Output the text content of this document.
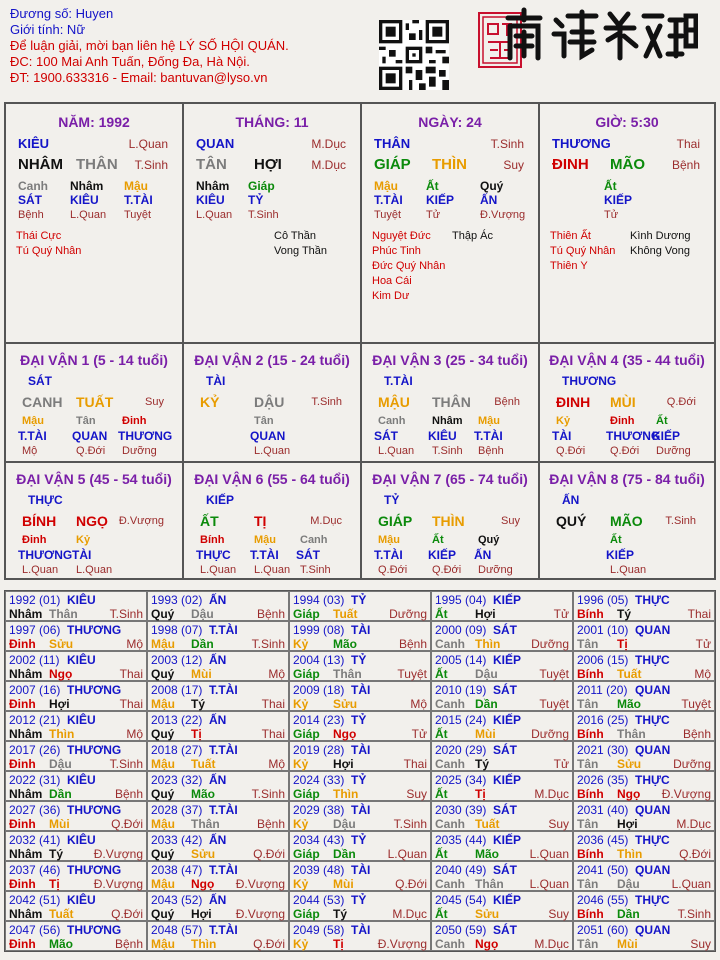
Đương số: Huyen
Giới tính: Nữ
Để luận giải, mời bạn liên hệ LÝ SỐ HỘI QUÁN.
ĐC: 100 Mai Anh Tuấn, Đống Đa, Hà Nội.
ĐT: 1900.633316 - Email: bantuvan@lyso.vn
NĂM: 1992
KIÊU	L.Quan
NHÂM THÂN T.Sinh
Canh
SÁT
Bệnh
Nhâm
KIÊU
L.Quan
Mậu
T.TÀI
Tuyệt
Thái Cực
Tú Quý Nhân
THÁNG: 11
QUAN	M.Dục
TÂN HỢI M.Dục
Nhâm
KIÊU
L.Quan
Giáp
TỶ
T.Sinh
Cô Thần
Vong Thần
NGÀY: 24
THÂN	T.Sinh
GIÁP THÌN	Suy
Mậu
T.TÀI
Tuyệt
Ất
KIẾP
Tử
Quý
ẤN
Đ.Vượng
Nguyệt Đức
Phúc Tinh
Đức Quý Nhân
Hoa Cái
Kim Dư
Thập Ác
GIỜ: 5:30
THƯƠNG	Thai
ĐINH MÃO Bệnh
Ất
KIẾP
Tử
Thiên Ất
Tú Quý Nhân
Thiên Y
Kình Dương
Không Vong
ĐẠI VẬN 1 (5 - 14 tuổi)
SÁT
CANH TUẤT	Suy
Mậu
T.TÀI
Mộ
Tân
QUAN
Q.Đới
Đinh
THƯƠNG
Dưỡng
ĐẠI VẬN 2 (15 - 24 tuổi)
TÀI
KỶ DẬU T.Sinh
Tân
QUAN
L.Quan
ĐẠI VẬN 3 (25 - 34 tuổi)
T.TÀI
MẬU THÂN Bệnh
Canh
SÁT
L.Quan
Nhâm
KIÊU
T.Sinh
Mậu
T.TÀI
Bệnh
ĐẠI VẬN 4 (35 - 44 tuổi)
THƯƠNG
ĐINH MÙI	Q.Đới
Kỷ
TÀI
Q.Đới
Đinh
THƯƠNG
Q.Đới
Ất
KIẾP
Dưỡng
ĐẠI VẬN 5 (45 - 54 tuổi)
THỰC
BÍNH NGỌ Đ.Vượng
Đinh
THƯƠNG
L.Quan
Kỷ
TÀI
L.Quan
ĐẠI VẬN 6 (55 - 64 tuổi)
KIẾP
ẤT	TỊ	M.Dục
Bính
THỰC
L.Quan
Mậu
T.TÀI
L.Quan
Canh
SÁT
T.Sinh
ĐẠI VẬN 7 (65 - 74 tuổi)
TỶ
GIÁP THÌN	Suy
Mậu
T.TÀI
Q.Đới
Ất
KIẾP
Q.Đới
Quý
ẤN
Dưỡng
ĐẠI VẬN 8 (75 - 84 tuổi)
ẤN
QUÝ MÃO T.Sinh
Ất
KIẾP
L.Quan
1992 (01) KIÊU
Nhâm Thân	T.Sinh
1993 (02) ẤN
Quý Dậu	Bệnh
1994 (03) TỶ
Giáp Tuất	Dưỡng
1995 (04) KIẾP
Ất Hợi	Tử
1996 (05) THỰC
Bính Tý	Thai
1997 (06) THƯƠNG
Đinh Sửu	Mộ
1998 (07) T.TÀI
Mậu Dần	T.Sinh
1999 (08) TÀI
Kỷ Mão	Bệnh
2000 (09) SÁT
Canh Thìn	Dưỡng
2001 (10) QUAN
Tân Tị	Tử
2002 (11) KIÊU
Nhâm Ngọ	Thai
2003 (12) ẤN
Quý Mùi	Mộ
2004 (13) TỶ
Giáp Thân	Tuyệt
2005 (14) KIẾP
Ất Dậu	Tuyệt
2006 (15) THỰC
Bính Tuất	Mộ
2007 (16) THƯƠNG
Đinh Hợi	Thai
2008 (17) T.TÀI
Mậu Tý	Thai
2009 (18) TÀI
Kỷ Sửu	Mộ
2010 (19) SÁT
Canh Dần	Tuyệt
2011 (20) QUAN
Tân Mão	Tuyệt
2012 (21) KIÊU
Nhâm Thìn	Mộ
2013 (22) ẤN
Quý Tị	Thai
2014 (23) TỶ
Giáp Ngọ	Tử
2015 (24) KIẾP
Ất Mùi	Dưỡng
2016 (25) THỰC
Bính Thân	Bệnh
2017 (26) THƯƠNG
Đinh Dậu	T.Sinh
2018 (27) T.TÀI
Mậu Tuất	Mộ
2019 (28) TÀI
Kỷ Hợi	Thai
2020 (29) SÁT
Canh Tý	Tử
2021 (30) QUAN
Tân Sửu	Dưỡng
2022 (31) KIÊU
Nhâm Dần	Bệnh
2023 (32) ẤN
Quý Mão	T.Sinh
2024 (33) TỶ
Giáp Thìn	Suy
2025 (34) KIẾP
Ất Tị	M.Dục
2026 (35) THỰC
Bính Ngọ Đ.Vượng
2027 (36) THƯƠNG
Đinh Mùi	Q.Đới
2028 (37) T.TÀI
Mậu Thân	Bệnh
2029 (38) TÀI
Kỷ Dậu	T.Sinh
2030 (39) SÁT
Canh Tuất	Suy
2031 (40) QUAN
Tân Hợi	M.Dục
2032 (41) KIÊU
Nhâm Tý	Đ.Vượng
2033 (42) ẤN
Quý Sửu	Q.Đới
2034 (43) TỶ
Giáp Dần	L.Quan
2035 (44) KIẾP
Ất Mão	L.Quan
2036 (45) THỰC
Bính Thìn	Q.Đới
2037 (46) THƯƠNG
Đinh Tị	Đ.Vượng
2038 (47) T.TÀI
Mậu Ngọ Đ.Vượng
2039 (48) TÀI
Kỷ Mùi	Q.Đới
2040 (49) SÁT
Canh Thân L.Quan
2041 (50) QUAN
Tân Dậu	L.Quan
2042 (51) KIÊU
Nhâm Tuất	Q.Đới
2043 (52) ẤN
Quý Hợi Đ.Vượng
2044 (53) TỶ
Giáp Tý	M.Dục
2045 (54) KIẾP
Ất Sửu	Suy
2046 (55) THỰC
Bính Dần	T.Sinh
2047 (56) THƯƠNG
Đinh Mão	Bệnh
2048 (57) T.TÀI
Mậu Thìn	Q.Đới
2049 (58) TÀI
Kỷ Tị	Đ.Vượng
2050 (59) SÁT
Canh Ngọ	M.Dục
2051 (60) QUAN
Tân Mùi	Suy
